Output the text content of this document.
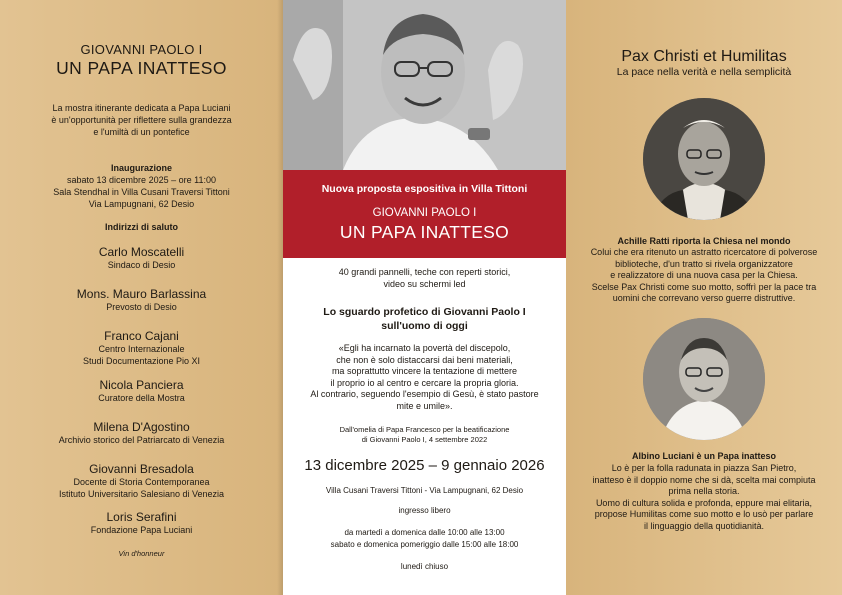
GIOVANNI PAOLO I
UN PAPA INATTESO
La mostra itinerante dedicata a Papa Luciani
è un'opportunità per riflettere sulla grandezza
e l'umiltà di un pontefice
Inaugurazione
sabato 13 dicembre 2025 – ore 11:00
Sala Stendhal in Villa Cusani Traversi Tittoni
Via Lampugnani, 62 Desio
Indirizzi di saluto
Carlo Moscatelli
Sindaco di Desio
Mons. Mauro Barlassina
Prevosto di Desio
Franco Cajani
Centro Internazionale
Studi Documentazione Pio XI
Nicola Panciera
Curatore della Mostra
Milena D'Agostino
Archivio storico del Patriarcato di Venezia
Giovanni Bresadola
Docente di Storia Contemporanea
Istituto Universitario Salesiano di Venezia
Loris Serafini
Fondazione Papa Luciani
Vin d'honneur
Nuova proposta espositiva in Villa Tittoni
GIOVANNI PAOLO I
UN PAPA INATTESO
40 grandi pannelli, teche con reperti storici,
video su schermi led
Lo sguardo profetico di Giovanni Paolo I
sull'uomo di oggi
«Egli ha incarnato la povertà del discepolo,
che non è solo distaccarsi dai beni materiali,
ma soprattutto vincere la tentazione di mettere
il proprio io al centro e cercare la propria gloria.
Al contrario, seguendo l'esempio di Gesù, è stato pastore
mite e umile».
Dall'omelia di Papa Francesco per la beatificazione
di Giovanni Paolo I, 4 settembre 2022
13 dicembre 2025 – 9 gennaio 2026
Villa Cusani Traversi Tittoni - Via Lampugnani, 62 Desio
ingresso libero
da martedì a domenica dalle 10:00 alle 13:00
sabato e domenica pomeriggio dalle 15:00 alle 18:00
lunedì chiuso
Pax Christi et Humilitas
La pace nella verità e nella semplicità
Achille Ratti riporta la Chiesa nel mondo
Colui che era ritenuto un astratto ricercatore di polverose
biblioteche, d'un tratto si rivela organizzatore
e realizzatore di una nuova casa per la Chiesa.
Scelse Pax Christi come suo motto, soffrì per la pace tra
uomini che correvano verso guerre distruttive.
Albino Luciani è un Papa inatteso
Lo è per la folla radunata in piazza San Pietro,
inatteso è il doppio nome che si dà, scelta mai compiuta
prima nella storia.
Uomo di cultura solida e profonda, eppure mai elitaria,
propose Humilitas come suo motto e lo usò per parlare
il linguaggio della quotidianità.
